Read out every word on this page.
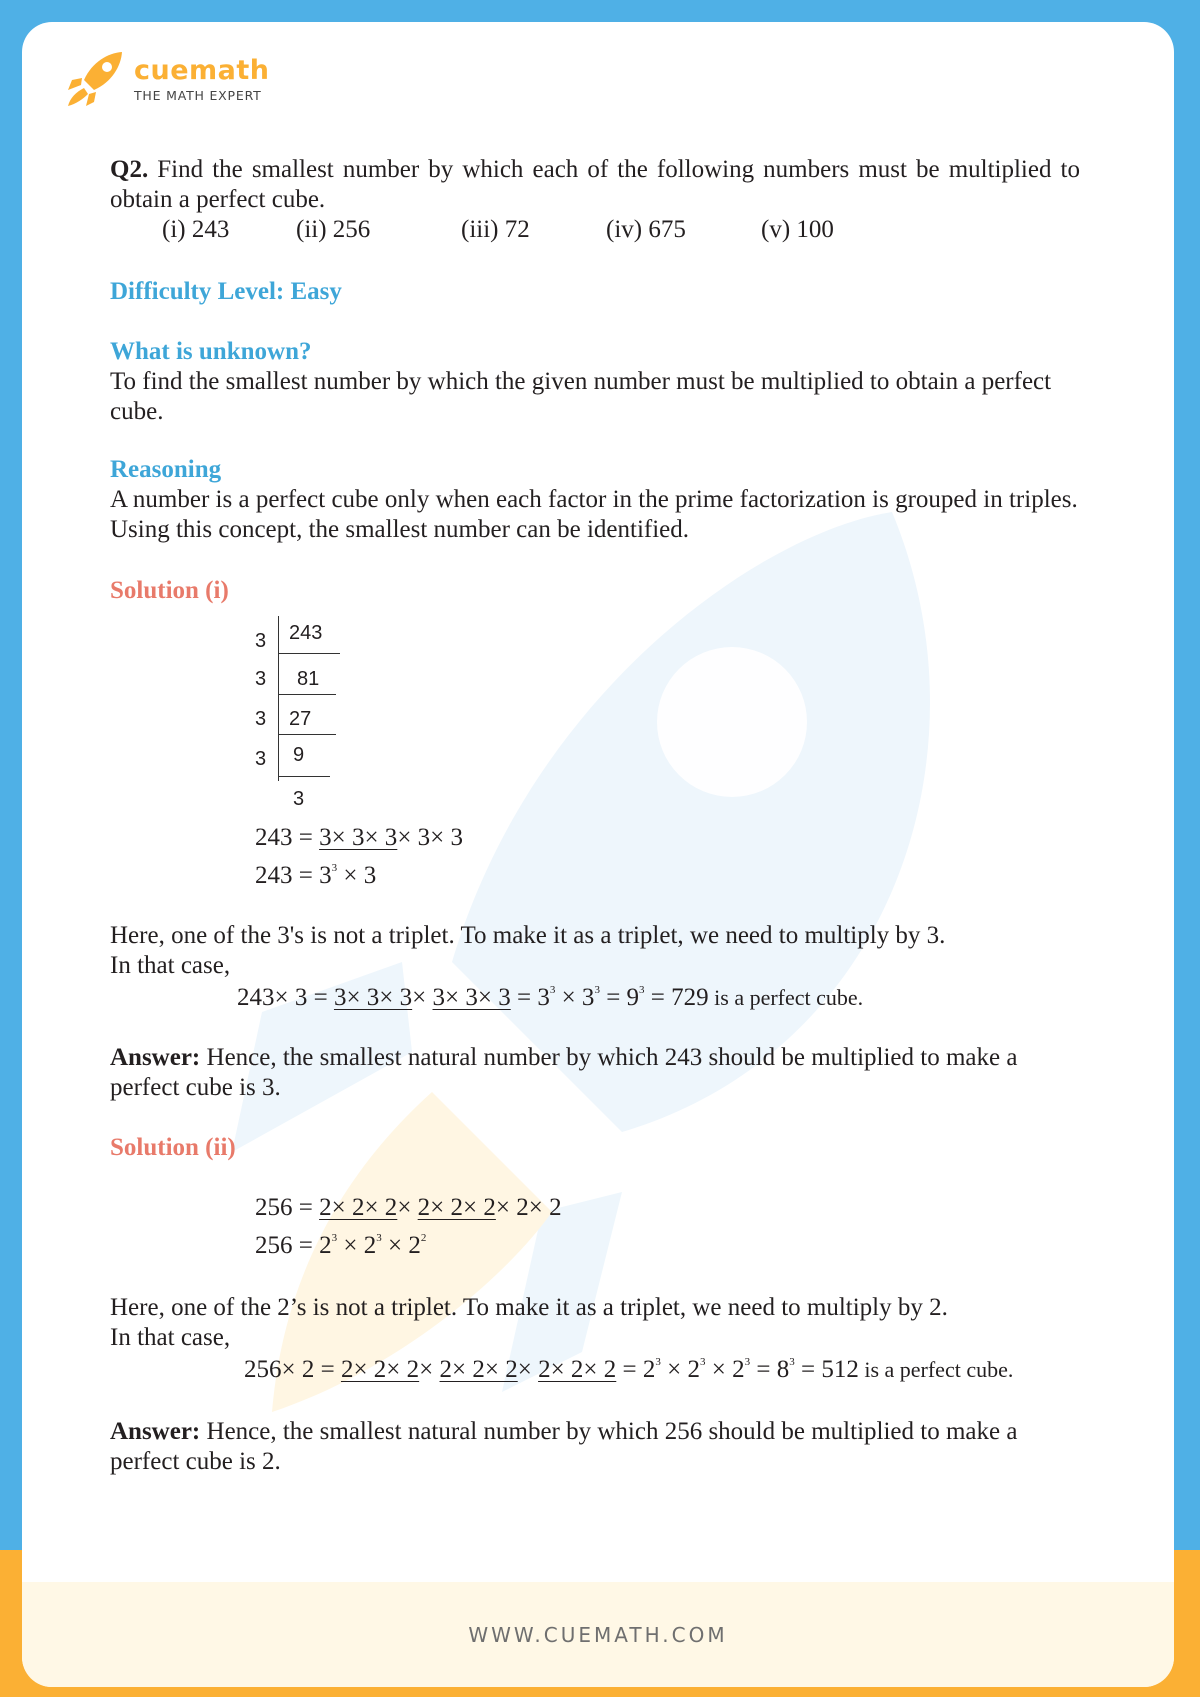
cuemath
THE MATH EXPERT
Q2. Find the smallest number by which each of the following numbers must be multiplied to obtain a perfect cube.
(i) 243	(ii) 256	(iii) 72	(iv) 675	(v) 100
Difficulty Level: Easy
What is unknown?
To find the smallest number by which the given number must be multiplied to obtain a perfect cube.
Reasoning
A number is a perfect cube only when each factor in the prime factorization is grouped in triples. Using this concept, the smallest number can be identified.
Solution (i)
3	243
3	81
3	27
3	9
3
243 = 3× 3× 3× 3× 3
$243 = 3^3 \times 3$
Here, one of the 3's is not a triplet. To make it as a triplet, we need to multiply by 3.
In that case,
$243\times 3 = 3\times 3\times 3\times 3\times 3\times 3 = 3^3 \times 3^3 = 9^3 = 729$ is a perfect cube.
Answer: Hence, the smallest natural number by which 243 should be multiplied to make a perfect cube is 3.
Solution (ii)
256 = 2× 2× 2× 2× 2× 2× 2× 2
$256 = 2^3 \times 2^3 \times 2^2$
Here, one of the 2’s is not a triplet. To make it as a triplet, we need to multiply by 2.
In that case,
$256\times 2 = 2\times 2\times 2\times 2\times 2\times 2\times 2\times 2\times 2 = 2^3 \times 2^3 \times 2^3 = 8^3 = 512$ is a perfect cube.
Answer: Hence, the smallest natural number by which 256 should be multiplied to make a perfect cube is 2.
WWW.CUEMATH.COM
